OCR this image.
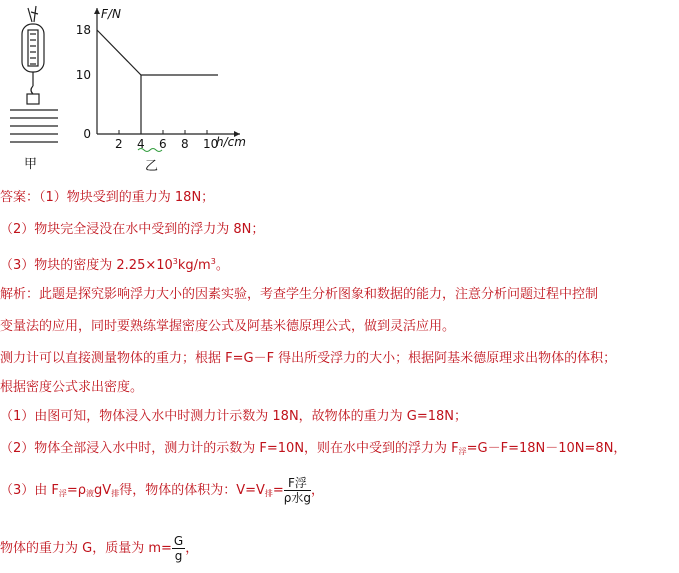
甲
F/N
h/cm
2 4 6 8 10
0
10
18
乙
答案：（1）物块受到的重力为 18N；
（2）物块完全浸没在水中受到的浮力为 8N；
（3）物块的密度为 $2.25\times 10^3kg/m^3$。
解析：此题是探究影响浮力大小的因素实验，考查学生分析图象和数据的能力，注意分析问题过程中控制
变量法的应用，同时要熟练掌握密度公式及阿基米德原理公式，做到灵活应用。
测力计可以直接测量物体的重力；根据 F=G－F 得出所受浮力的大小；根据阿基米德原理求出物体的体积；
根据密度公式求出密度。
（1）由图可知，物体浸入水中时测力计示数为 18N，故物体的重力为 G=18N；
（2）物体全部浸入水中时，测力计的示数为 F=10N，则在水中受到的浮力为 $F_浮=G-F=18N-10N=8N$，
（3）由 $F_浮=\rho_液gV_排$得，物体的体积为：$V=V_排= \frac{\text{F浮}}{\text{ρ水g}}$ ，
物体的重力为 G，质量为 $m= \frac{G}{g}$ ，
